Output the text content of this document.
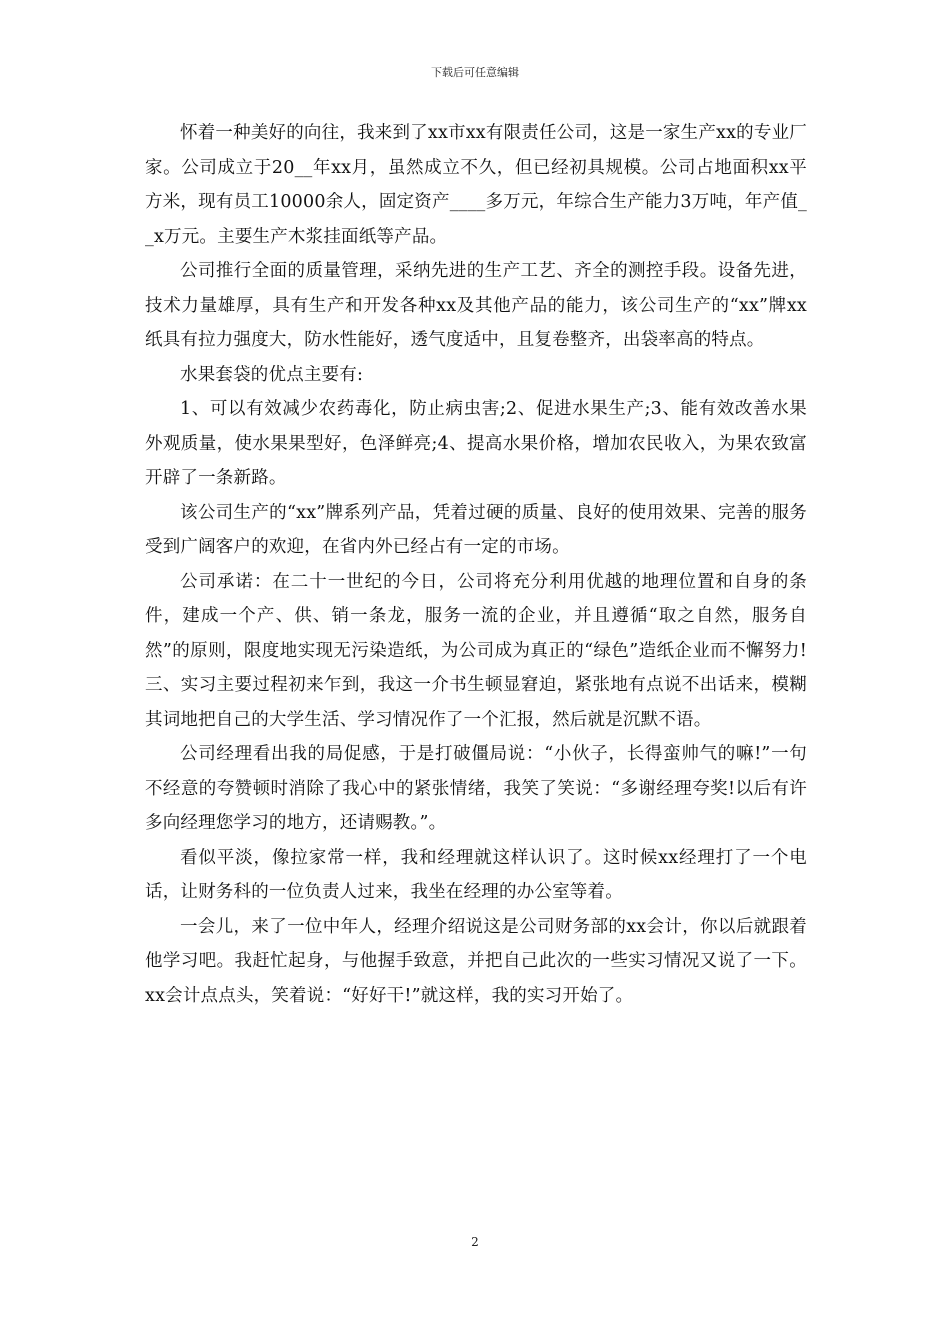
下载后可任意编辑

怀着一种美好的向往，我来到了xx市xx有限责任公司，这是一家生产xx的专业厂家。公司成立于20__年xx月，虽然成立不久，但已经初具规模。公司占地面积xx平方米，现有员工10000余人，固定资产____多万元，年综合生产能力3万吨，年产值__x万元。主要生产木浆挂面纸等产品。

公司推行全面的质量管理，采纳先进的生产工艺、齐全的测控手段。设备先进，技术力量雄厚，具有生产和开发各种xx及其他产品的能力，该公司生产的“xx”牌xx纸具有拉力强度大，防水性能好，透气度适中，且复卷整齐，出袋率高的特点。

水果套袋的优点主要有:

1、可以有效减少农药毒化，防止病虫害;2、促进水果生产;3、能有效改善水果外观质量，使水果果型好，色泽鲜亮;4、提高水果价格，增加农民收入，为果农致富开辟了一条新路。

该公司生产的“xx”牌系列产品，凭着过硬的质量、良好的使用效果、完善的服务受到广阔客户的欢迎，在省内外已经占有一定的市场。

公司承诺：在二十一世纪的今日，公司将充分利用优越的地理位置和自身的条件，建成一个产、供、销一条龙，服务一流的企业，并且遵循“取之自然，服务自然”的原则，限度地实现无污染造纸，为公司成为真正的“绿色”造纸企业而不懈努力!三、实习主要过程初来乍到，我这一介书生顿显窘迫，紧张地有点说不出话来，模糊其词地把自己的大学生活、学习情况作了一个汇报，然后就是沉默不语。

公司经理看出我的局促感，于是打破僵局说：“小伙子，长得蛮帅气的嘛!”一句不经意的夸赞顿时消除了我心中的紧张情绪，我笑了笑说：“多谢经理夸奖!以后有许多向经理您学习的地方，还请赐教。”。

看似平淡，像拉家常一样，我和经理就这样认识了。这时候xx经理打了一个电话，让财务科的一位负责人过来，我坐在经理的办公室等着。

一会儿，来了一位中年人，经理介绍说这是公司财务部的xx会计，你以后就跟着他学习吧。我赶忙起身，与他握手致意，并把自己此次的一些实习情况又说了一下。xx会计点点头，笑着说：“好好干!”就这样，我的实习开始了。

2
